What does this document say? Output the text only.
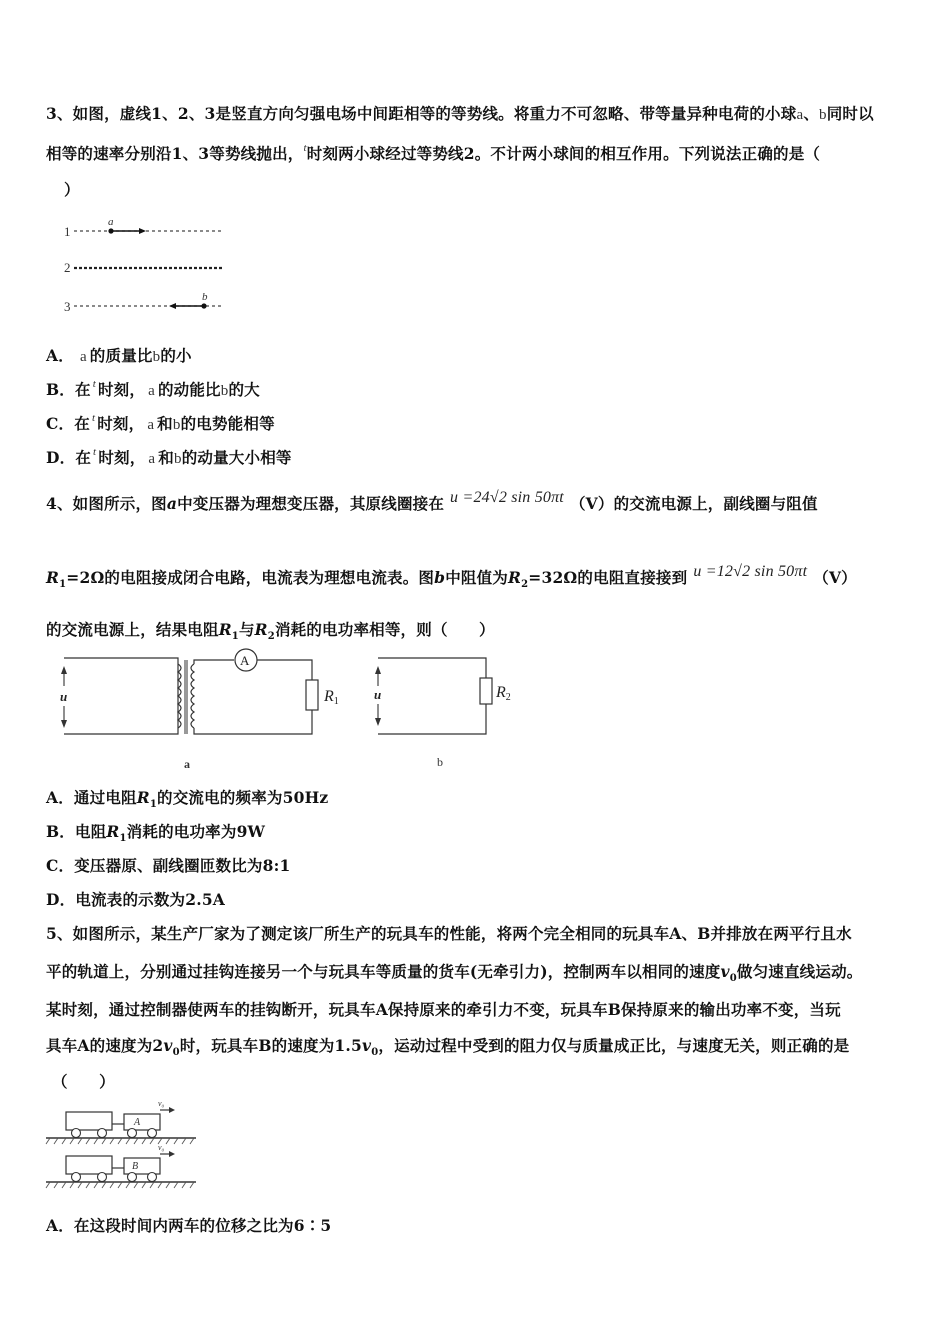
3、如图，虚线1、2、3是竖直方向匀强电场中间距相等的等势线。将重力不可忽略、带等量异种电荷的小球a、b同时以
相等的速率分别沿1、3等势线抛出，$^t$时刻两小球经过等势线2。不计两小球间的相互作用。下列说法正确的是（
）
1
a
2
3
b
A． a 的质量比b的小
B．在 $^t$ 时刻， a 的动能比b的大
C．在 $^t$ 时刻， a 和b的电势能相等
D．在 $^t$ 时刻， a 和b的动量大小相等
4、如图所示，图a中变压器为理想变压器，其原线圈接在 u =24√2 sin 50πt （V）的交流电源上，副线圈与阻值
$R_1=2\Omega$的电阻接成闭合电路，电流表为理想电流表。图b中阻值为$R_2=32\Omega$的电阻直接接到 u =12√2 sin 50πt （V）
的交流电源上，结果电阻$R_1$与$R_2$消耗的电功率相等，则（　　）
u
A
R1
a
R2
u
b
A．通过电阻$R_1$的交流电的频率为50Hz
B．电阻$R_1$消耗的电功率为9W
C．变压器原、副线圈匝数比为8:1
D．电流表的示数为2.5A
5、如图所示，某生产厂家为了测定该厂所生产的玩具车的性能，将两个完全相同的玩具车A、B并排放在两平行且水
平的轨道上，分别通过挂钩连接另一个与玩具车等质量的货车(无牵引力)，控制两车以相同的速度$v_0$做匀速直线运动。
某时刻，通过控制器使两车的挂钩断开，玩具车A保持原来的牵引力不变，玩具车B保持原来的输出功率不变，当玩
具车A的速度为$2v_0$时，玩具车B的速度为$1.5v_0$，运动过程中受到的阻力仅与质量成正比，与速度无关，则正确的是
（　　）
A
v₀
B
v₀
A．在这段时间内两车的位移之比为6∶5
